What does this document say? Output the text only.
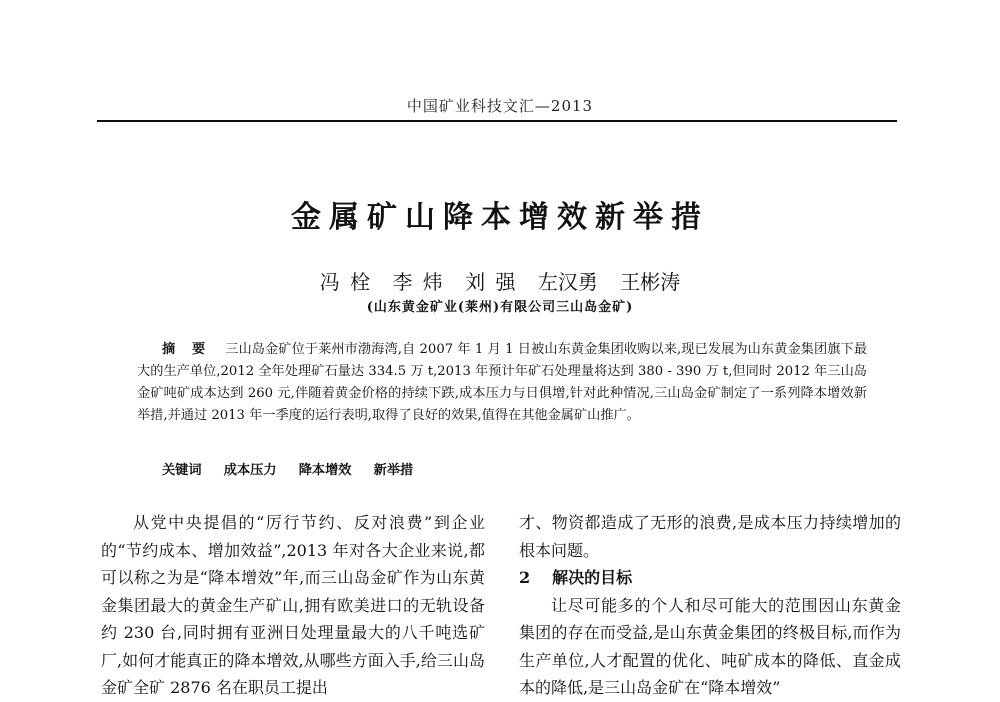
中国矿业科技文汇—2013
金属矿山降本增效新举措
冯 栓 李 炜 刘 强 左汉勇 王彬涛
(山东黄金矿业(莱州)有限公司三山岛金矿)
摘 要 三山岛金矿位于莱州市渤海湾,自 2007 年 1 月 1 日被山东黄金集团收购以来,现已发展为山东黄金集团旗下最大的生产单位,2012 全年处理矿石量达 334.5 万 t,2013 年预计年矿石处理量将达到 380 - 390 万 t,但同时 2012 年三山岛金矿吨矿成本达到 260 元,伴随着黄金价格的持续下跌,成本压力与日俱增,针对此种情况,三山岛金矿制定了一系列降本增效新举措,并通过 2013 年一季度的运行表明,取得了良好的效果,值得在其他金属矿山推广。
关键词 成本压力 降本增效 新举措

从党中央提倡的“厉行节约、反对浪费”到企业的“节约成本、增加效益”,2013 年对各大企业来说,都可以称之为是“降本增效”年,而三山岛金矿作为山东黄金集团最大的黄金生产矿山,拥有欧美进口的无轨设备约 230 台,同时拥有亚洲日处理量最大的八千吨选矿厂,如何才能真正的降本增效,从哪些方面入手,给三山岛金矿全矿 2876 名在职员工提出

才、物资都造成了无形的浪费,是成本压力持续增加的根本问题。

2 解决的目标

让尽可能多的个人和尽可能大的范围因山东黄金集团的存在而受益,是山东黄金集团的终极目标,而作为生产单位,人才配置的优化、吨矿成本的降低、直金成本的降低,是三山岛金矿在“降本增效”
